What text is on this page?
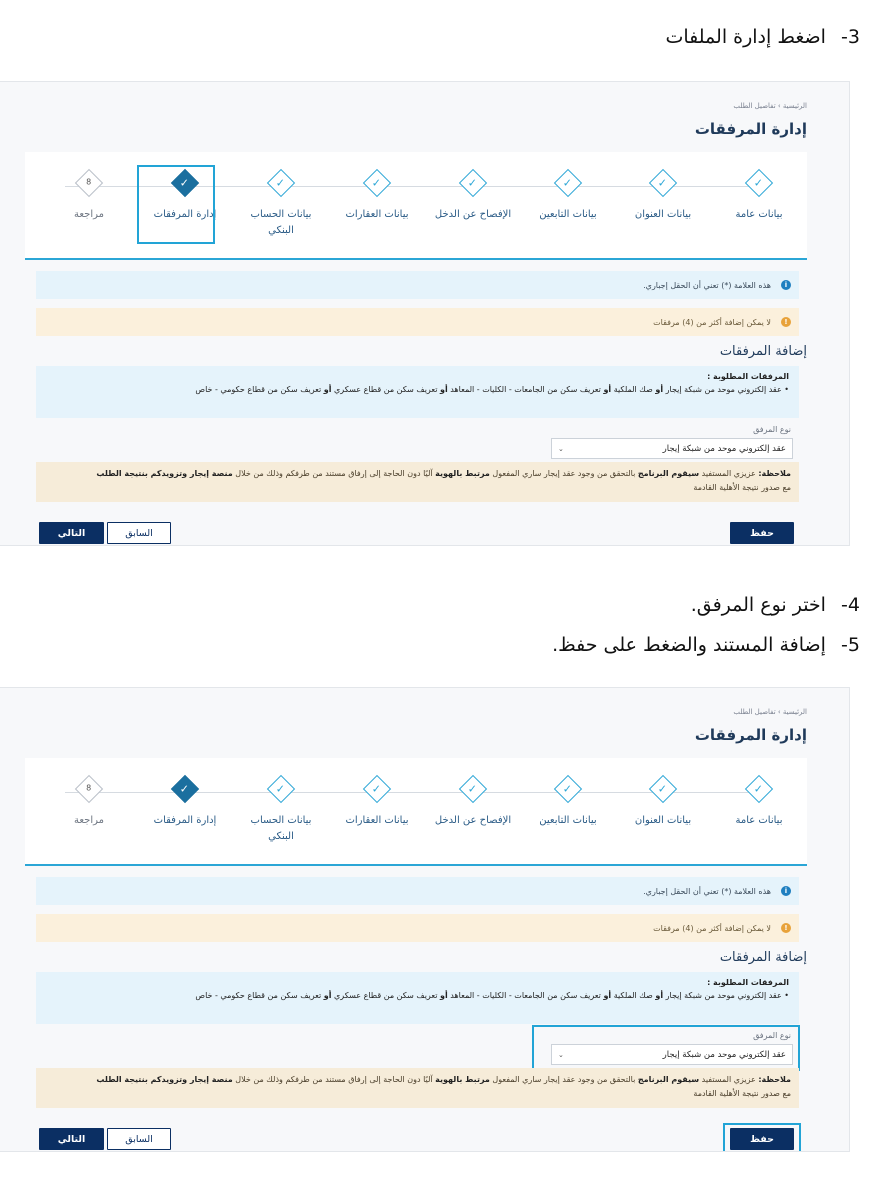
3- اضغط إدارة الملفات
الرئيسية › تفاصيل الطلب
إدارة المرفقات
✓
بيانات عامة
✓
بيانات العنوان
✓
بيانات التابعين
✓
الإفصاح عن الدخل
✓
بيانات العقارات
✓
بيانات الحساب البنكي
✓
إدارة المرفقات
8
مراجعة
i
هذه العلامة (*) تعني أن الحقل إجباري.
!
لا يمكن إضافة أكثر من (4) مرفقات
إضافة المرفقات
المرفقات المطلوبة :
• عقد إلكتروني موحد من شبكة إيجار أو صك الملكية أو تعريف سكن من الجامعات - الكليات - المعاهد أو تعريف سكن من قطاع عسكري أو تعريف سكن من قطاع حكومي - خاص
نوع المرفق
عقد إلكتروني موحد من شبكة إيجار
⌄
ملاحظة: عزيزي المستفيد سيقوم البرنامج بالتحقق من وجود عقد إيجار ساري المفعول مرتبط بالهوية آليًا دون الحاجة إلى إرفاق مستند من طرفكم وذلك من خلال منصة إيجار وتزويدكم بنتيجة الطلب
مع صدور نتيجة الأهلية القادمة
حفظ
السابق
التالي
4- اختر نوع المرفق.
5- إضافة المستند والضغط على حفظ.
الرئيسية › تفاصيل الطلب
إدارة المرفقات
✓
بيانات عامة
✓
بيانات العنوان
✓
بيانات التابعين
✓
الإفصاح عن الدخل
✓
بيانات العقارات
✓
بيانات الحساب البنكي
✓
إدارة المرفقات
8
مراجعة
i
هذه العلامة (*) تعني أن الحقل إجباري.
!
لا يمكن إضافة أكثر من (4) مرفقات
إضافة المرفقات
المرفقات المطلوبة :
• عقد إلكتروني موحد من شبكة إيجار أو صك الملكية أو تعريف سكن من الجامعات - الكليات - المعاهد أو تعريف سكن من قطاع عسكري أو تعريف سكن من قطاع حكومي - خاص
نوع المرفق
عقد إلكتروني موحد من شبكة إيجار
⌄
ملاحظة: عزيزي المستفيد سيقوم البرنامج بالتحقق من وجود عقد إيجار ساري المفعول مرتبط بالهوية آليًا دون الحاجة إلى إرفاق مستند من طرفكم وذلك من خلال منصة إيجار وتزويدكم بنتيجة الطلب
مع صدور نتيجة الأهلية القادمة
حفظ
السابق
التالي
